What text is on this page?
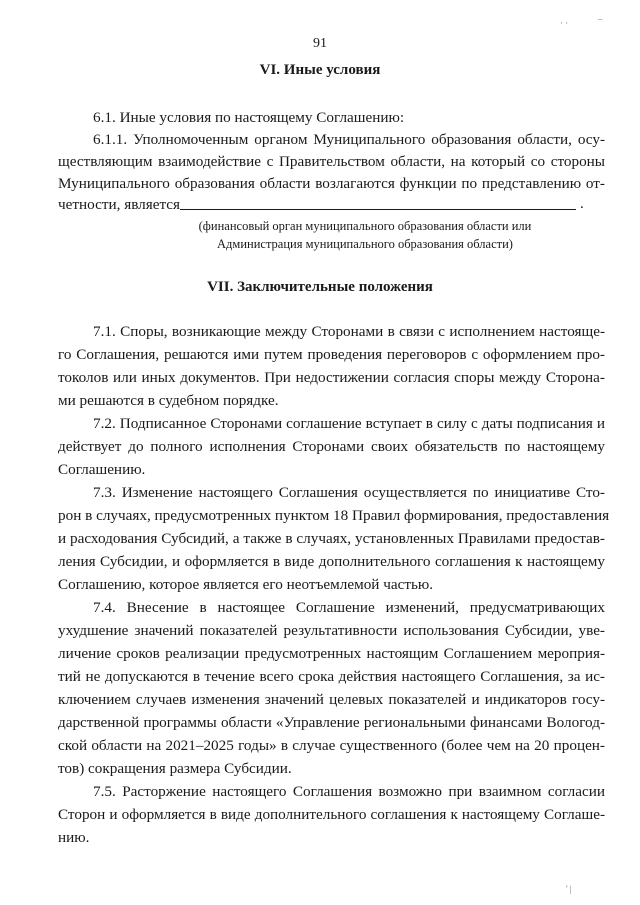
–
· ·
' |
91
VI. Иные условия
6.1. Иные условия по настоящему Соглашению:
6.1.1. Уполномоченным органом Муниципального образования области, осу-
ществляющим взаимодействие с Правительством области, на который со стороны
Муниципального образования области возлагаются функции по представлению от-
четности, является	.
(финансовый орган муниципального образования области или
Администрация муниципального образования области)
VII. Заключительные положения
7.1. Споры, возникающие между Сторонами в связи с исполнением настояще-
го Соглашения, решаются ими путем проведения переговоров с оформлением про-
токолов или иных документов. При недостижении согласия споры между Сторона-
ми решаются в судебном порядке.
7.2. Подписанное Сторонами соглашение вступает в силу с даты подписания и
действует до полного исполнения Сторонами своих обязательств по настоящему
Соглашению.
7.3. Изменение настоящего Соглашения осуществляется по инициативе Сто-
рон в случаях, предусмотренных пунктом 18 Правил формирования, предоставления
и расходования Субсидий, а также в случаях, установленных Правилами предостав-
ления Субсидии, и оформляется в виде дополнительного соглашения к настоящему
Соглашению, которое является его неотъемлемой частью.
7.4. Внесение в настоящее Соглашение изменений, предусматривающих
ухудшение значений показателей результативности использования Субсидии, уве-
личение сроков реализации предусмотренных настоящим Соглашением мероприя-
тий не допускаются в течение всего срока действия настоящего Соглашения, за ис-
ключением случаев изменения значений целевых показателей и индикаторов госу-
дарственной программы области «Управление региональными финансами Вологод-
ской области на 2021–2025 годы» в случае существенного (более чем на 20 процен-
тов) сокращения размера Субсидии.
7.5. Расторжение настоящего Соглашения возможно при взаимном согласии
Сторон и оформляется в виде дополнительного соглашения к настоящему Соглаше-
нию.
